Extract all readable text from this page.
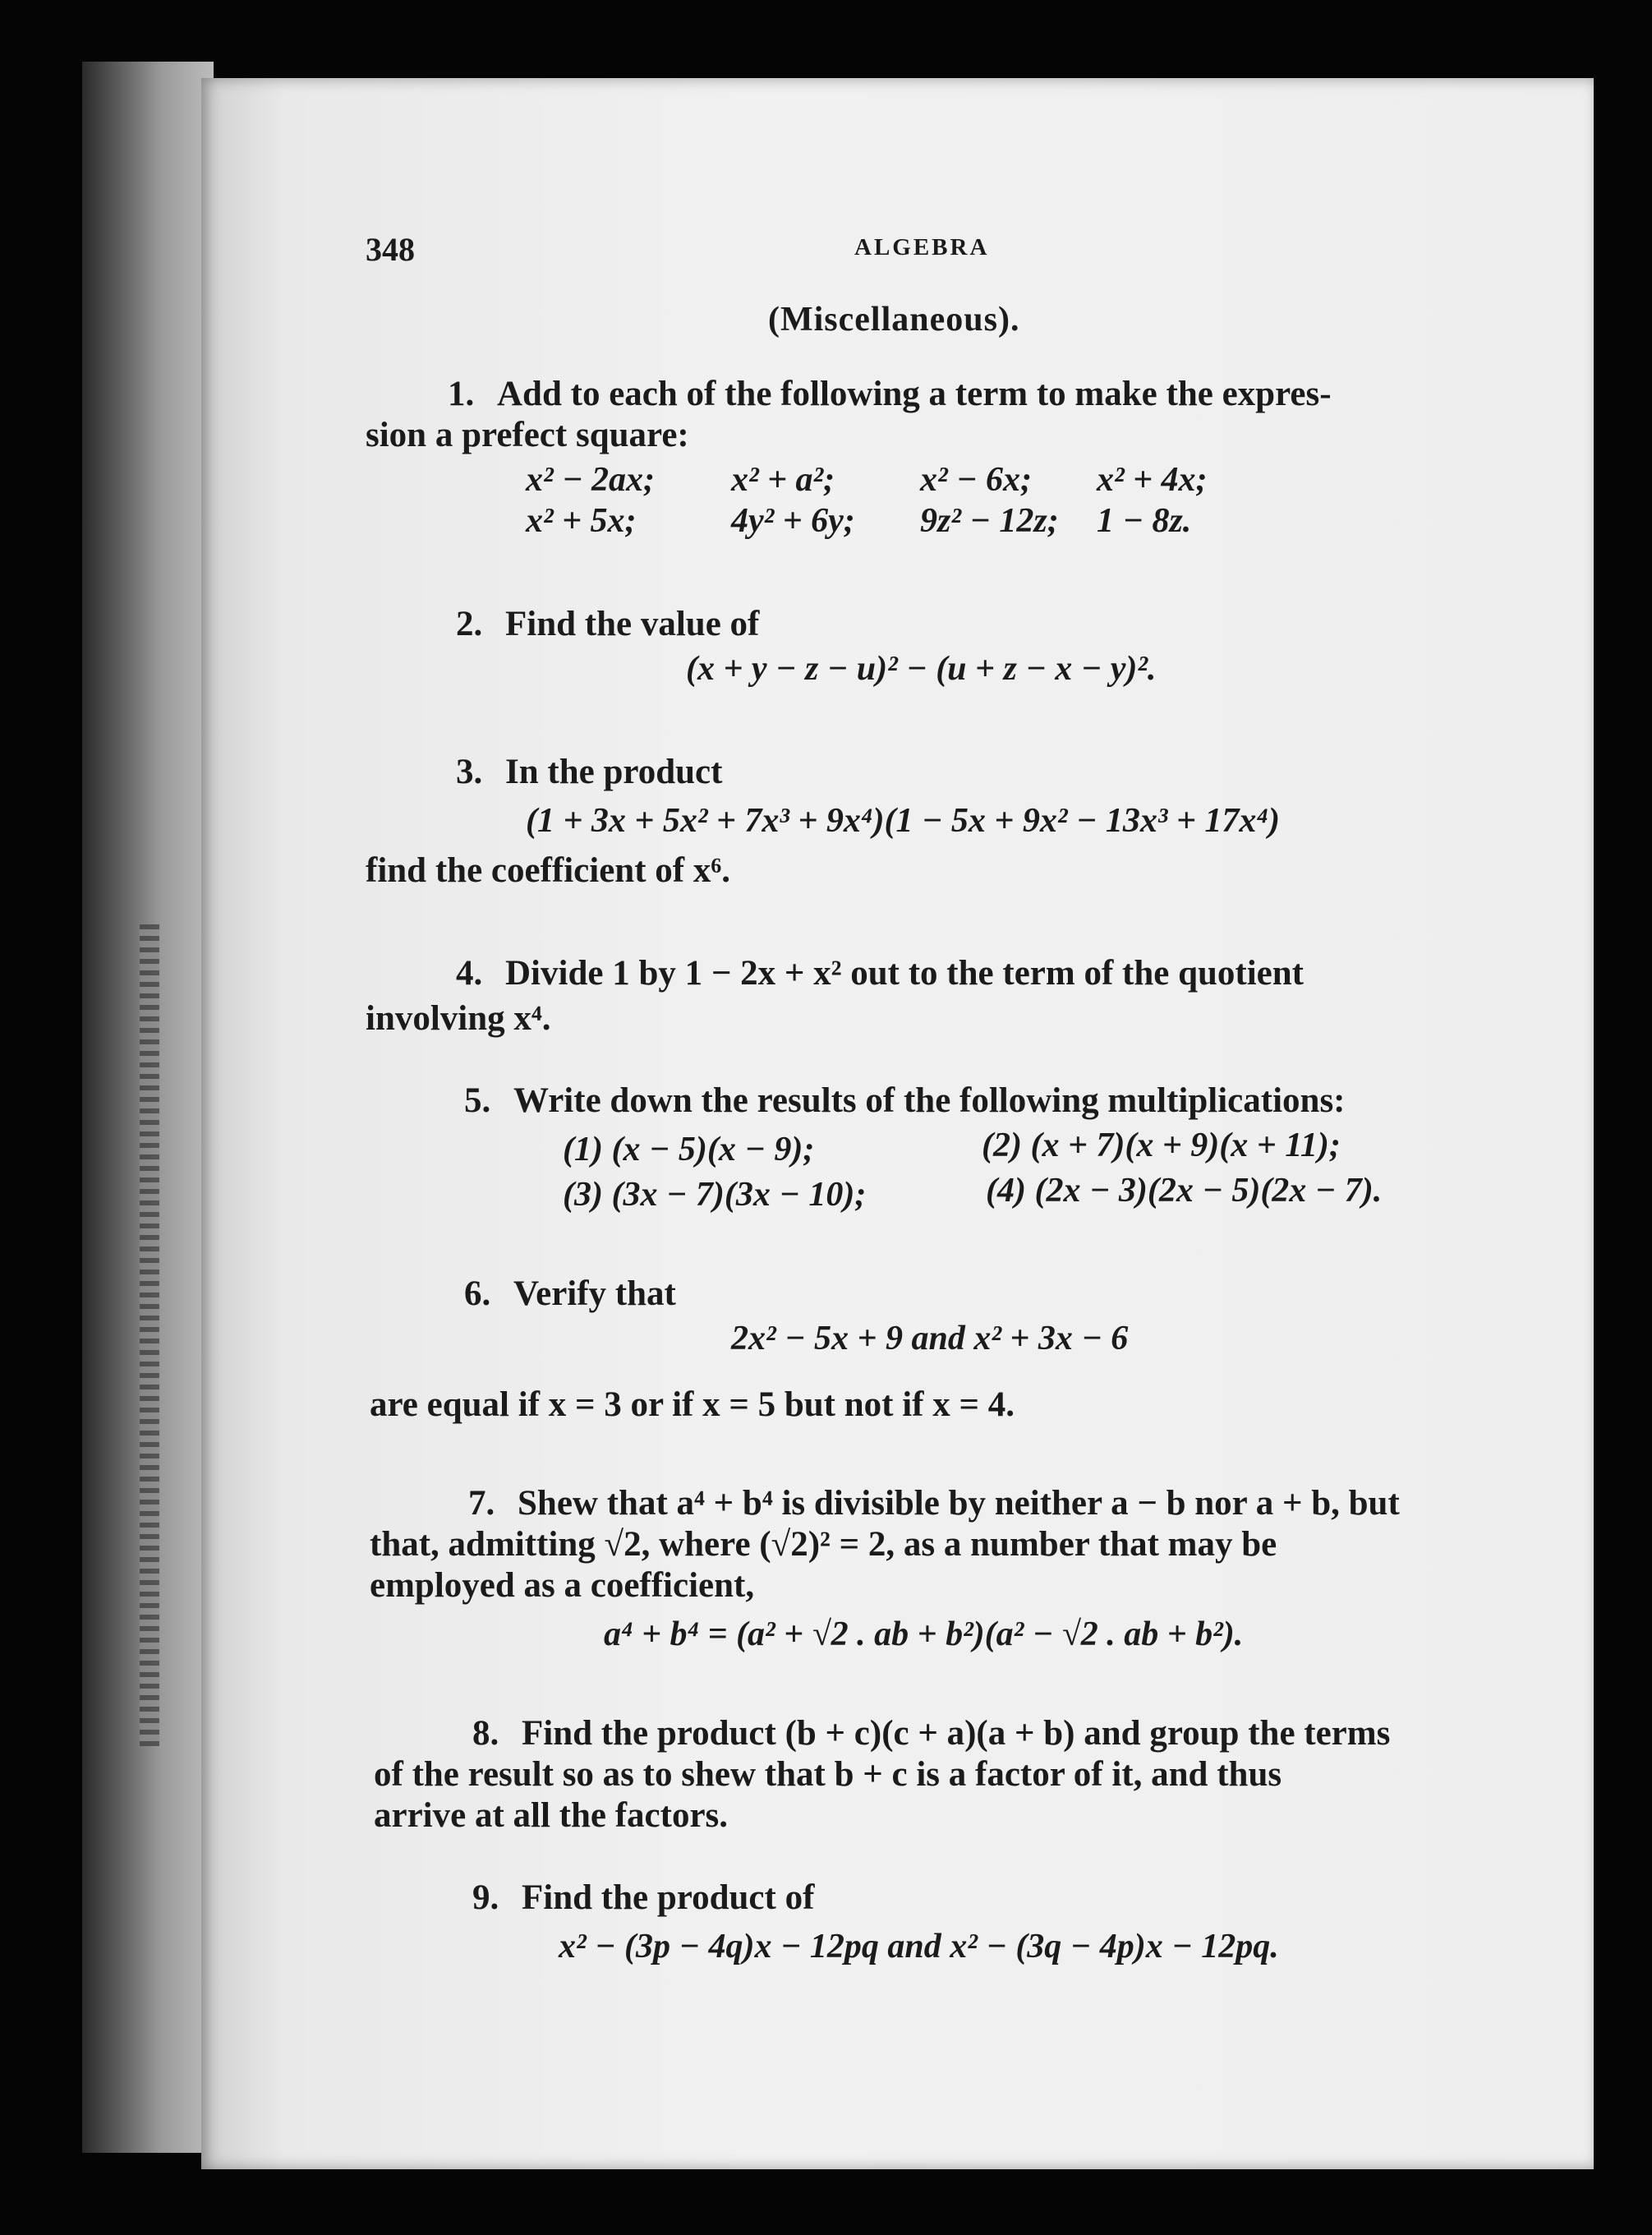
348	ALGEBRA
(Miscellaneous).
1. Add to each of the following a term to make the expres-
sion a prefect square:
x² − 2ax; x² + a²; x² − 6x; x² + 4x;
x² + 5x;	4y² + 6y; 9z² − 12z; 1 − 8z.
2. Find the value of
(x + y − z − u)² − (u + z − x − y)².
3. In the product
(1 + 3x + 5x² + 7x³ + 9x⁴)(1 − 5x + 9x² − 13x³ + 17x⁴)
find the coefficient of x⁶.
4. Divide 1 by 1 − 2x + x² out to the term of the quotient
involving x⁴.
5. Write down the results of the following multiplications:
(1) (x − 5)(x − 9);	(2) (x + 7)(x + 9)(x + 11);
(3) (3x − 7)(3x − 10);	(4) (2x − 3)(2x − 5)(2x − 7).
6. Verify that
2x² − 5x + 9 and x² + 3x − 6
are equal if x = 3 or if x = 5 but not if x = 4.
7. Shew that a⁴ + b⁴ is divisible by neither a − b nor a + b, but
that, admitting √2, where (√2)² = 2, as a number that may be
employed as a coefficient,
a⁴ + b⁴ = (a² + √2 . ab + b²)(a² − √2 . ab + b²).
8. Find the product (b + c)(c + a)(a + b) and group the terms
of the result so as to shew that b + c is a factor of it, and thus
arrive at all the factors.
9. Find the product of
x² − (3p − 4q)x − 12pq and x² − (3q − 4p)x − 12pq.
